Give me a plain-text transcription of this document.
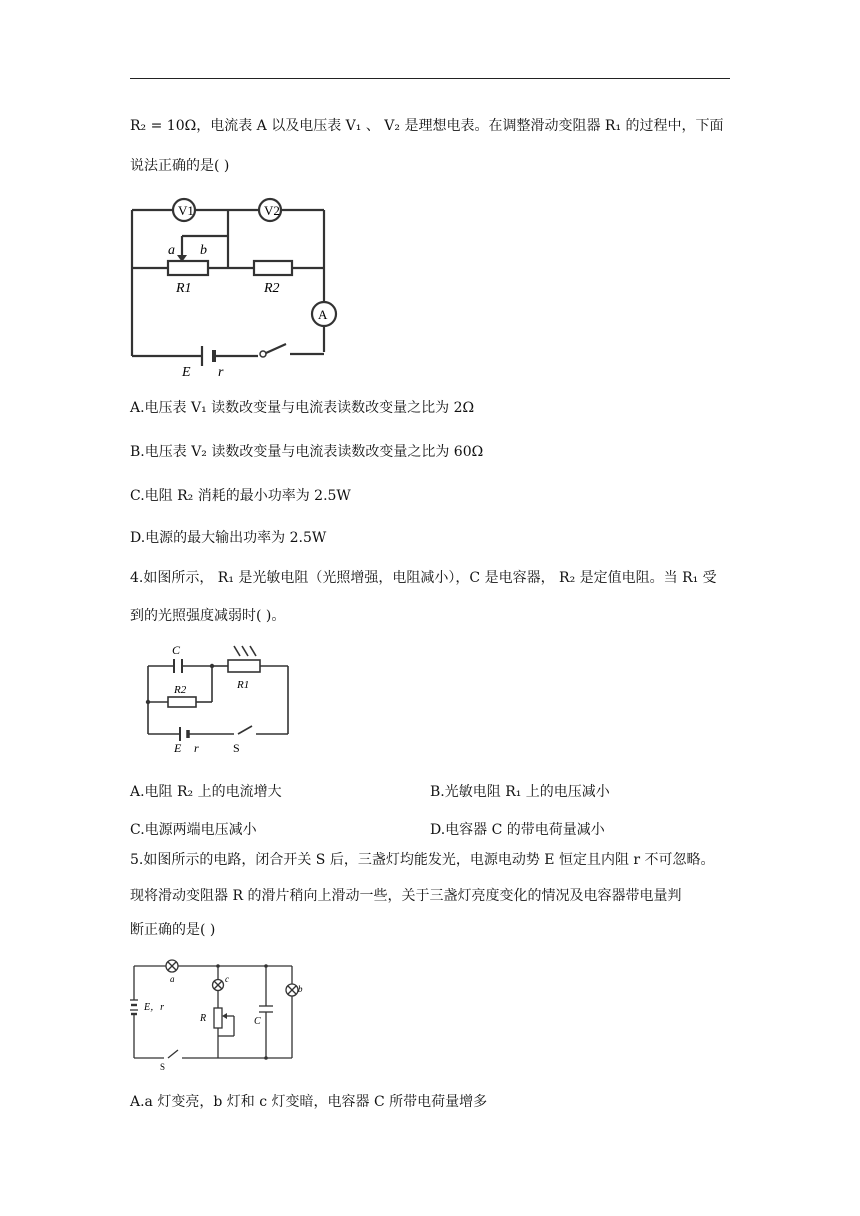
R₂ = 10Ω，电流表 A 以及电压表 V₁ 、 V₂ 是理想电表。在调整滑动变阻器 R₁ 的过程中，下面
说法正确的是( )
V1	V2
a b
R1	R2
A
E r
A.电压表 V₁ 读数改变量与电流表读数改变量之比为 2Ω
B.电压表 V₂ 读数改变量与电流表读数改变量之比为 60Ω
C.电阻 R₂ 消耗的最小功率为 2.5W
D.电源的最大输出功率为 2.5W
4.如图所示， R₁ 是光敏电阻（光照增强，电阻减小），C 是电容器， R₂ 是定值电阻。当 R₁ 受
到的光照强度减弱时( )。
C
R2	R1
E r	S
A.电阻 R₂ 上的电流增大	B.光敏电阻 R₁ 上的电压减小
C.电源两端电压减小	D.电容器 C 的带电荷量减小
5.如图所示的电路，闭合开关 S 后，三盏灯均能发光，电源电动势 E 恒定且内阻 r 不可忽略。
现将滑动变阻器 R 的滑片稍向上滑动一些，关于三盏灯亮度变化的情况及电容器带电量判
断正确的是( )
a	c
b
E，r
R	C
S
A.a 灯变亮，b 灯和 c 灯变暗，电容器 C 所带电荷量增多
